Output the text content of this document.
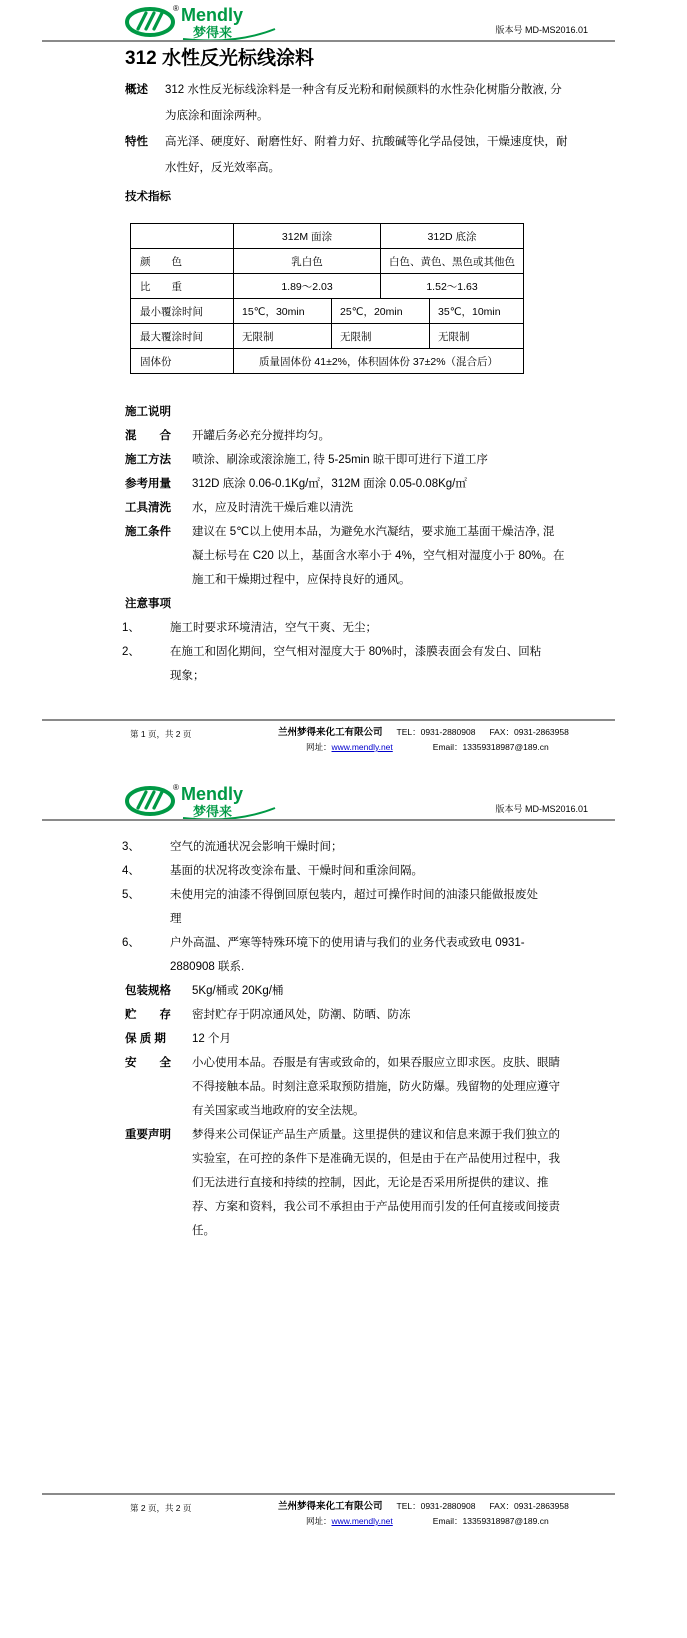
® Mendly
梦得来	版本号 MD-MS2016.01
312 水性反光标线涂料
概述	312 水性反光标线涂料是一种含有反光粉和耐候颜料的水性杂化树脂分散液, 分为底涂和面涂两种。
特性	高光泽、硬度好、耐磨性好、附着力好、抗酸碱等化学品侵蚀，干燥速度快，耐水性好，反光效率高。
技术指标
	312M 面涂		312D 底涂	
颜　　色	乳白色		白色、黄色、黑色或其他色	
比　　重	1.89～2.03		1.52～1.63	
最小覆涂时间	15℃，30min	25℃，20min		35℃，10min
最大覆涂时间	无限制	无限制		无限制
固体份	质量固体份 41±2%，体积固体份 37±2%（混合后）			
施工说明
混　　合	开罐后务必充分搅拌均匀。
施工方法	喷涂、刷涂或滚涂施工, 待 5-25min 晾干即可进行下道工序
参考用量	312D 底涂 0.06-0.1Kg/㎡，312M 面涂 0.05-0.08Kg/㎡
工具清洗	水，应及时清洗干燥后难以清洗
施工条件	建议在 5℃以上使用本品，为避免水汽凝结，要求施工基面干燥洁净, 混凝土标号在 C20 以上，基面含水率小于 4%，空气相对湿度小于 80%。在施工和干燥期过程中，应保持良好的通风。
注意事项
1、	施工时要求环境清洁，空气干爽、无尘；
2、	在施工和固化期间，空气相对湿度大于 80%时，漆膜表面会有发白、回粘现象；
第 1 页，共 2 页	兰州梦得来化工有限公司 TEL：0931-2880908 FAX：0931-2863958
网址：www.mendly.net	Email：13359318987@189.cn
® Mendly
梦得来	版本号 MD-MS2016.01
3、	空气的流通状况会影响干燥时间；
4、	基面的状况将改变涂布量、干燥时间和重涂间隔。
5、	未使用完的油漆不得倒回原包装内，超过可操作时间的油漆只能做报废处理
6、	户外高温、严寒等特殊环境下的使用请与我们的业务代表或致电 0931-2880908 联系.
包装规格	5Kg/桶或 20Kg/桶
贮　　存	密封贮存于阴凉通风处，防潮、防晒、防冻
保 质 期	12 个月
安　　全	小心使用本品。吞服是有害或致命的，如果吞服应立即求医。皮肤、眼睛不得接触本品。时刻注意采取预防措施，防火防爆。残留物的处理应遵守有关国家或当地政府的安全法规。
重要声明	梦得来公司保证产品生产质量。这里提供的建议和信息来源于我们独立的实验室，在可控的条件下是准确无误的，但是由于在产品使用过程中，我们无法进行直接和持续的控制，因此，无论是否采用所提供的建议、推荐、方案和资料，我公司不承担由于产品使用而引发的任何直接或间接责任。
第 2 页，共 2 页	兰州梦得来化工有限公司 TEL：0931-2880908 FAX：0931-2863958
网址：www.mendly.net	Email：13359318987@189.cn
